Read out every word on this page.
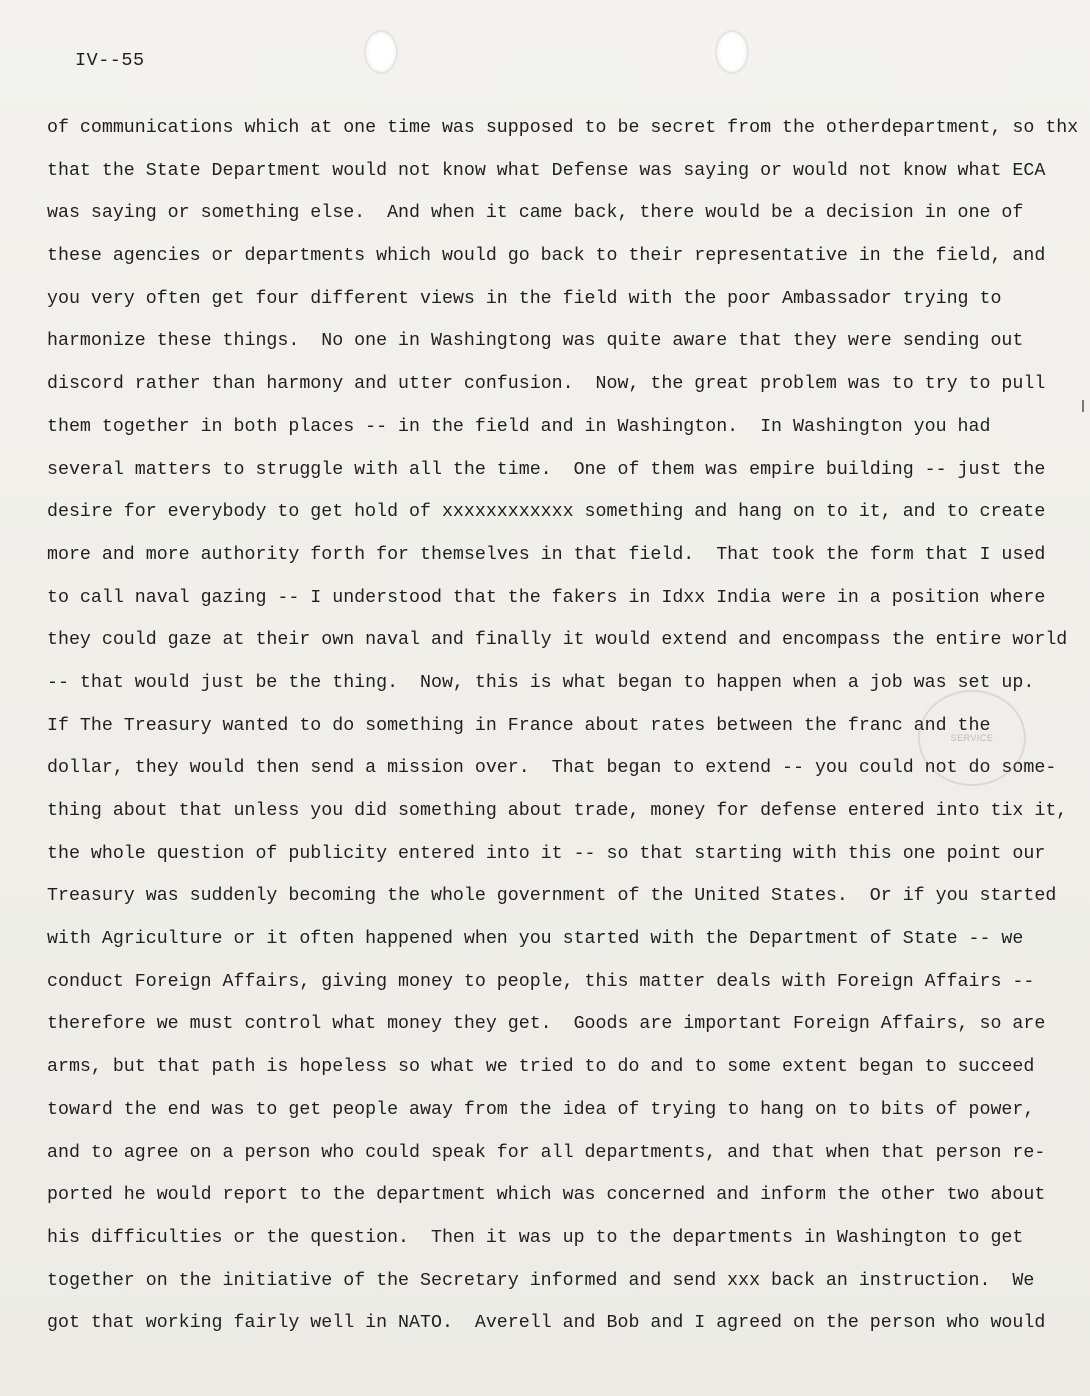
IV--55
of communications which at one time was supposed to be secret from the otherdepartment, so thx
that the State Department would not know what Defense was saying or would not know what ECA
was saying or something else.  And when it came back, there would be a decision in one of
these agencies or departments which would go back to their representative in the field, and
you very often get four different views in the field with the poor Ambassador trying to
harmonize these things.  No one in Washingtong was quite aware that they were sending out
discord rather than harmony and utter confusion.  Now, the great problem was to try to pull
them together in both places -- in the field and in Washington.  In Washington you had
several matters to struggle with all the time.  One of them was empire building -- just the
desire for everybody to get hold of xxxxxxxxxxxx something and hang on to it, and to create
more and more authority forth for themselves in that field.  That took the form that I used
to call naval gazing -- I understood that the fakers in Idxx India were in a position where
they could gaze at their own naval and finally it would extend and encompass the entire world
-- that would just be the thing.  Now, this is what began to happen when a job was set up.
If The Treasury wanted to do something in France about rates between the franc and the
dollar, they would then send a mission over.  That began to extend -- you could not do some-
thing about that unless you did something about trade, money for defense entered into tix it,
the whole question of publicity entered into it -- so that starting with this one point our
Treasury was suddenly becoming the whole government of the United States.  Or if you started
with Agriculture or it often happened when you started with the Department of State -- we
conduct Foreign Affairs, giving money to people, this matter deals with Foreign Affairs --
therefore we must control what money they get.  Goods are important Foreign Affairs, so are
arms, but that path is hopeless so what we tried to do and to some extent began to succeed
toward the end was to get people away from the idea of trying to hang on to bits of power,
and to agree on a person who could speak for all departments, and that when that person re-
ported he would report to the department which was concerned and inform the other two about
his difficulties or the question.  Then it was up to the departments in Washington to get
together on the initiative of the Secretary informed and send xxx back an instruction.  We
got that working fairly well in NATO.  Averell and Bob and I agreed on the person who would
SERVICE
